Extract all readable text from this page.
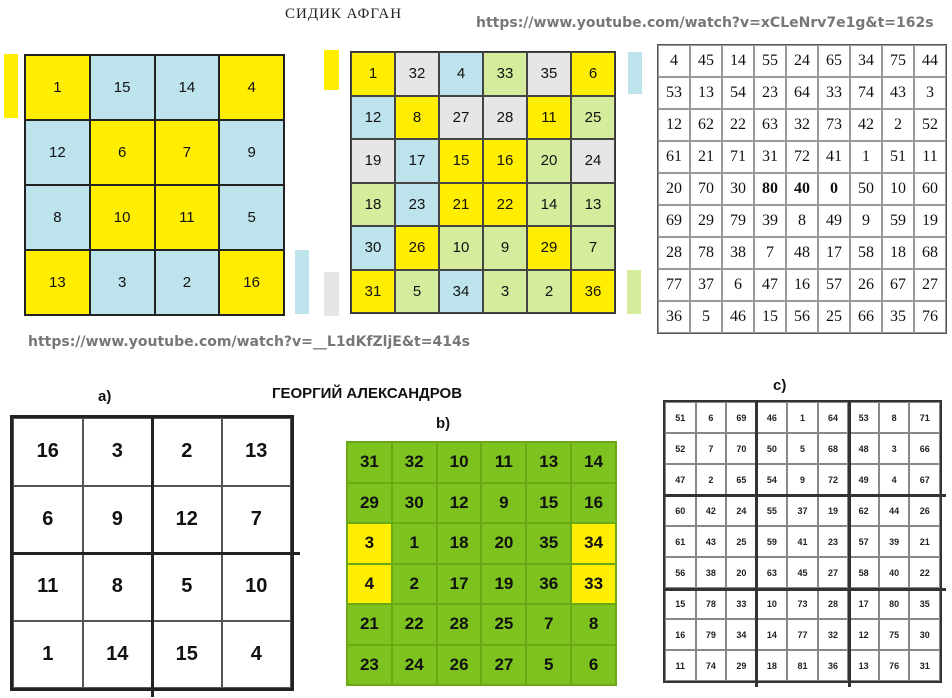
СИДИК АФГАН
https://www.youtube.com/watch?v=xCLeNrv7e1g&t=162s
https://www.youtube.com/watch?v=__L1dKfZljE&t=414s
ГЕОРГИЙ АЛЕКСАНДРОВ
1	15	14	4
12	6	7	9
8	10	11	5
13	3	2	16
1	32	4	33	35	6
12	8	27	28	11	25
19	17	15	16	20	24
18	23	21	22	14	13
30	26	10	9	29	7
31	5	34	3	2	36
4	45	14	55	24	65	34	75	44
53	13	54	23	64	33	74	43	3
12	62	22	63	32	73	42	2	52
61	21	71	31	72	41	1	51	11
20	70	30	80	40	0	50	10	60
69	29	79	39	8	49	9	59	19
28	78	38	7	48	17	58	18	68
77	37	6	47	16	57	26	67	27
36	5	46	15	56	25	66	35	76
a)
b)
c)
16	3	2	13
6	9	12	7
11	8	5	10
1	14	15	4
31	32	10	11	13	14
29	30	12	9	15	16
3	1	18	20	35	34
4	2	17	19	36	33
21	22	28	25	7	8
23	24	26	27	5	6
51	6	69	46	1	64	53	8	71
52	7	70	50	5	68	48	3	66
47	2	65	54	9	72	49	4	67
60	42	24	55	37	19	62	44	26
61	43	25	59	41	23	57	39	21
56	38	20	63	45	27	58	40	22
15	78	33	10	73	28	17	80	35
16	79	34	14	77	32	12	75	30
11	74	29	18	81	36	13	76	31
